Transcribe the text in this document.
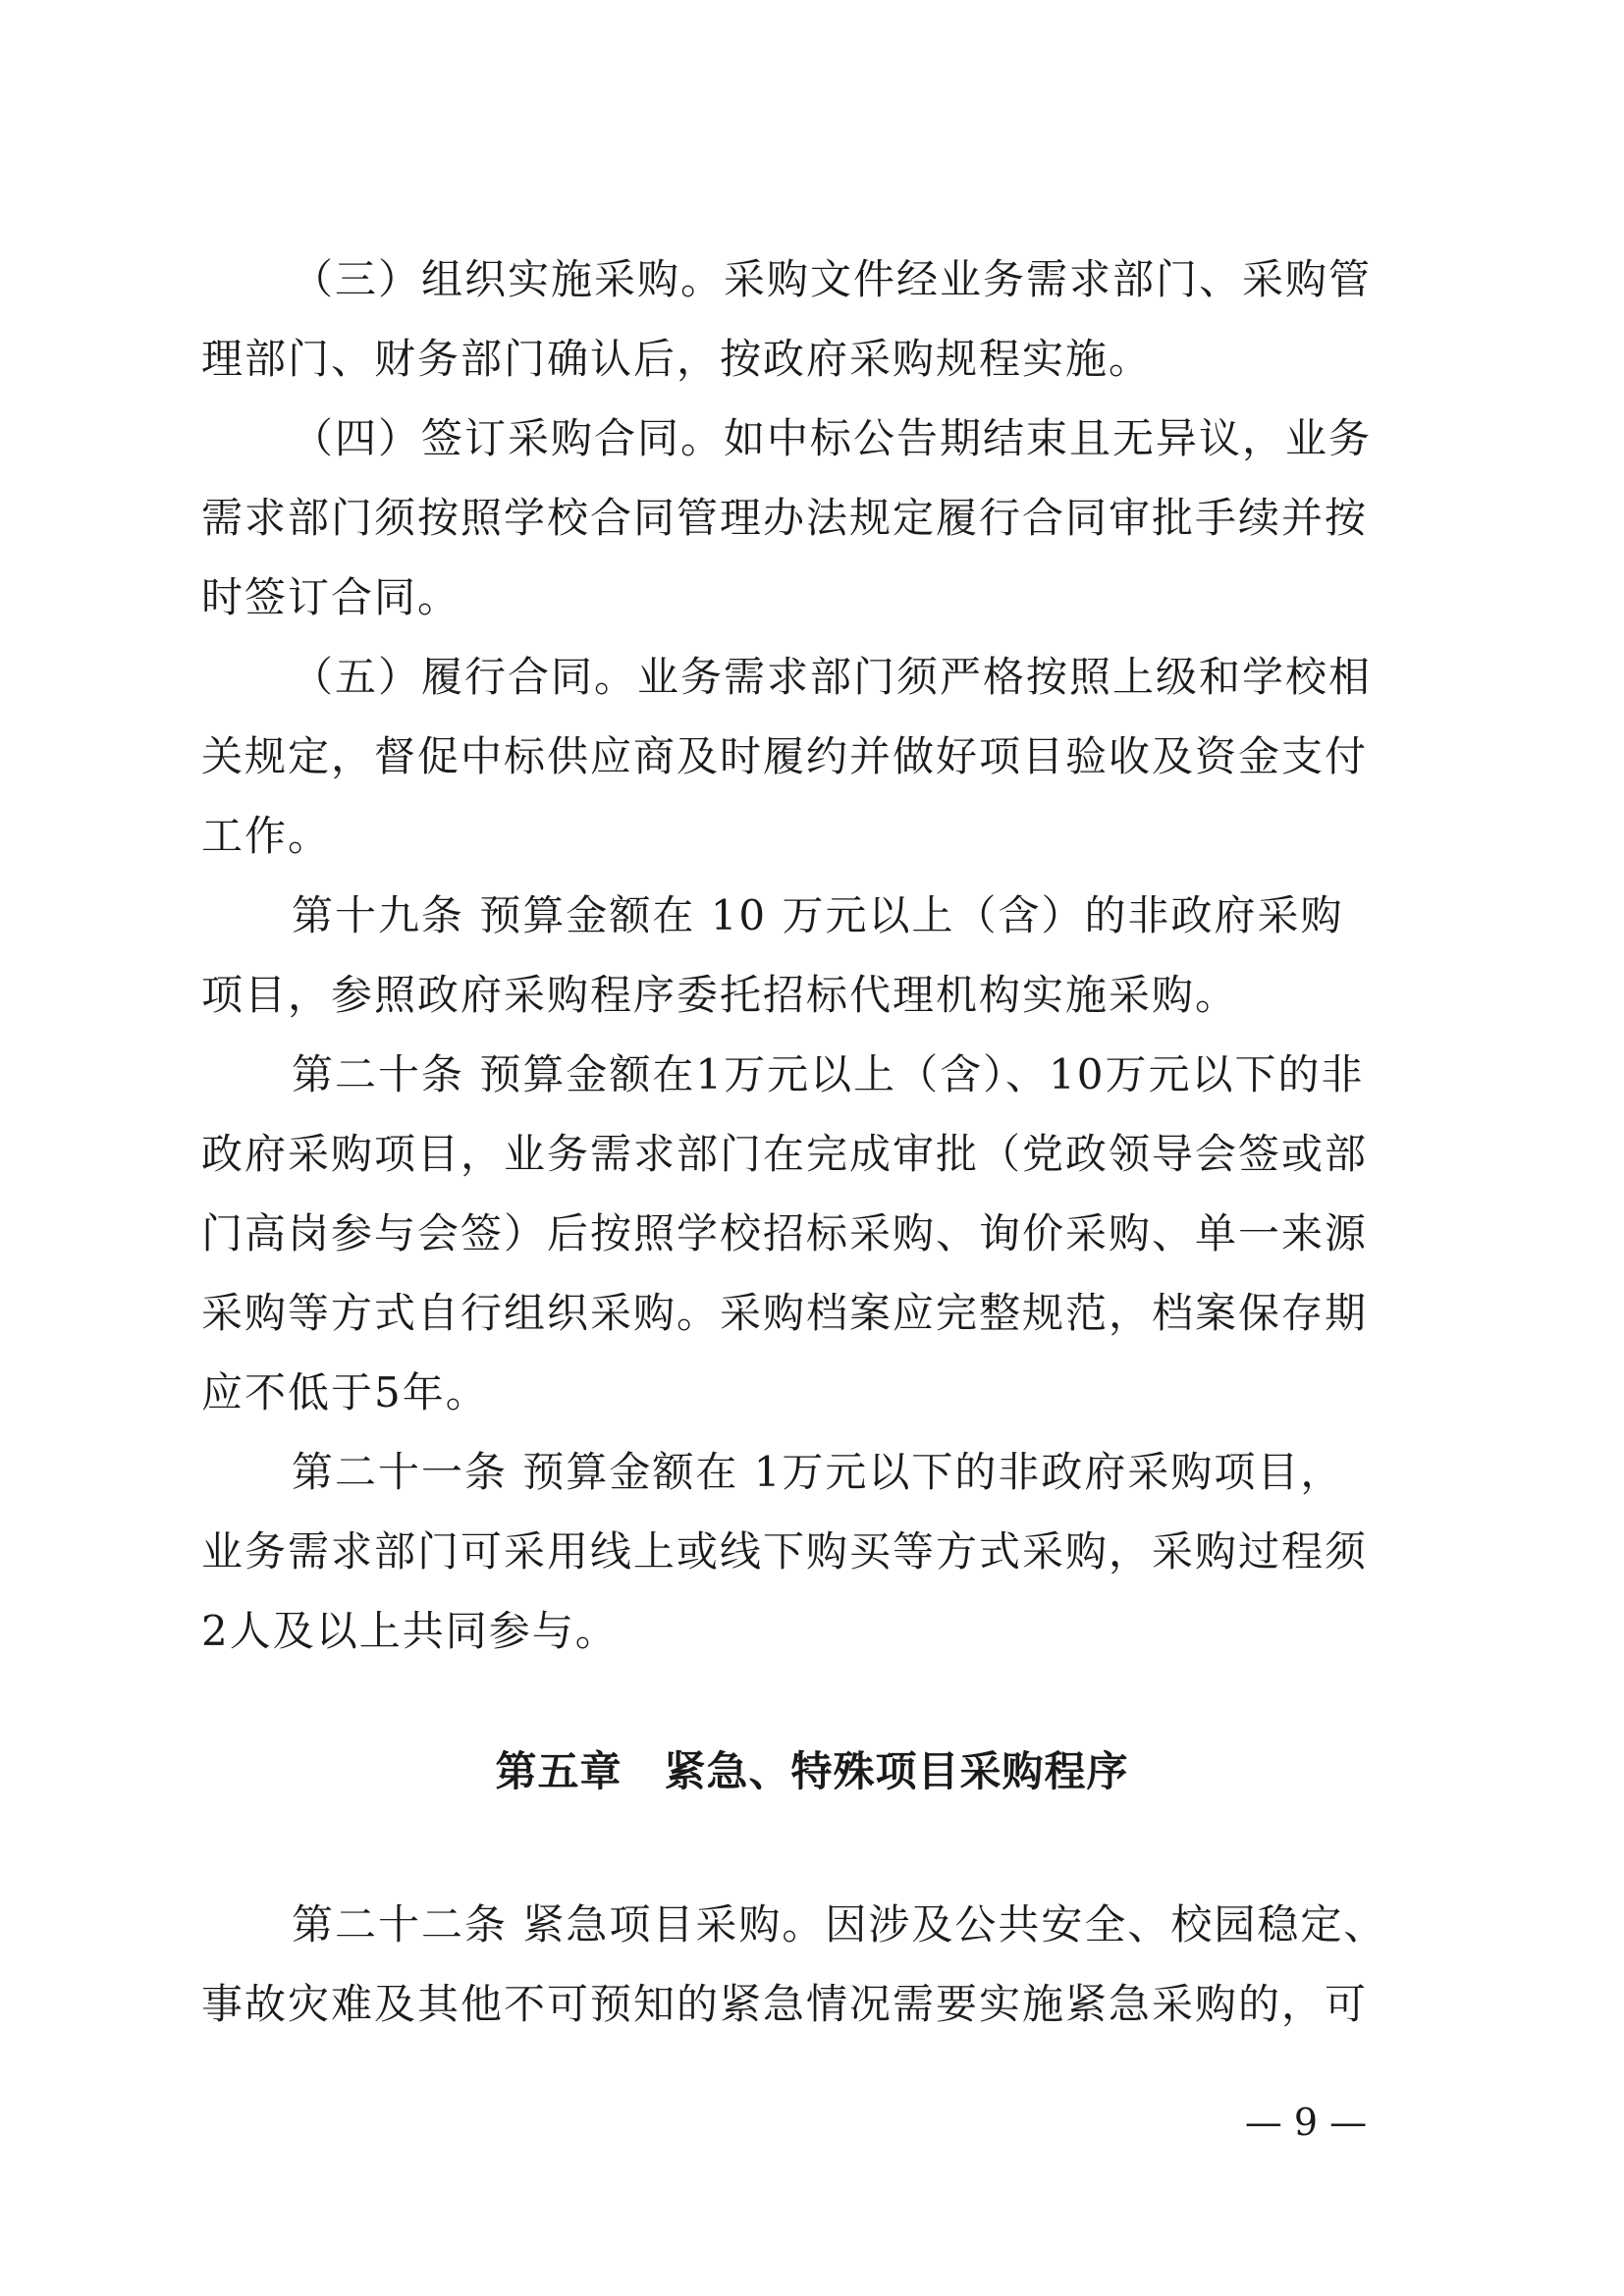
（三）组织实施采购。采购文件经业务需求部门、采购管
理部门、财务部门确认后，按政府采购规程实施。
（四）签订采购合同。如中标公告期结束且无异议，业务
需求部门须按照学校合同管理办法规定履行合同审批手续并按
时签订合同。
（五）履行合同。业务需求部门须严格按照上级和学校相
关规定，督促中标供应商及时履约并做好项目验收及资金支付
工作。
第十九条 预算金额在 10 万元以上（含）的非政府采购
项目，参照政府采购程序委托招标代理机构实施采购。
第二十条 预算金额在1万元以上（含）、10万元以下的非
政府采购项目，业务需求部门在完成审批（党政领导会签或部
门高岗参与会签）后按照学校招标采购、询价采购、单一来源
采购等方式自行组织采购。采购档案应完整规范，档案保存期
应不低于5年。
第二十一条 预算金额在 1万元以下的非政府采购项目，
业务需求部门可采用线上或线下购买等方式采购，采购过程须
2人及以上共同参与。
第五章　紧急、特殊项目采购程序
第二十二条 紧急项目采购。因涉及公共安全、校园稳定、
事故灾难及其他不可预知的紧急情况需要实施紧急采购的，可
— 9 —
